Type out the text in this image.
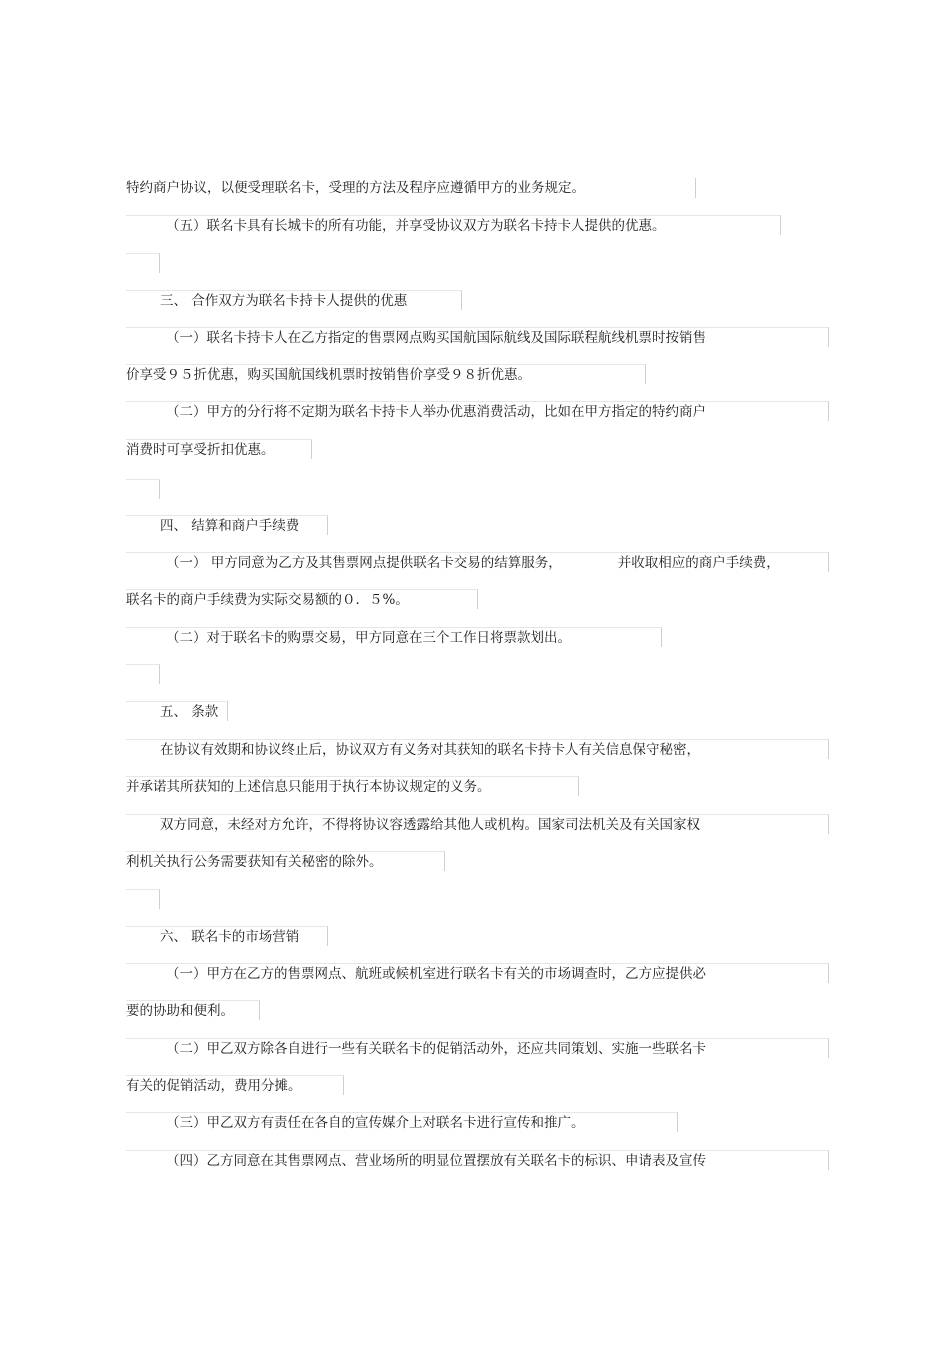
特约商户协议，以便受理联名卡，受理的方法及程序应遵循甲方的业务规定。
（五）联名卡具有长城卡的所有功能，并享受协议双方为联名卡持卡人提供的优惠。
三、 合作双方为联名卡持卡人提供的优惠
（一）联名卡持卡人在乙方指定的售票网点购买国航国际航线及国际联程航线机票时按销售
价享受９５折优惠，购买国航国线机票时按销售价享受９８折优惠。
（二）甲方的分行将不定期为联名卡持卡人举办优惠消费活动，比如在甲方指定的特约商户
消费时可享受折扣优惠。
四、 结算和商户手续费
（一） 甲方同意为乙方及其售票网点提供联名卡交易的结算服务，	并收取相应的商户手续费，
联名卡的商户手续费为实际交易额的０．５%。
（二）对于联名卡的购票交易，甲方同意在三个工作日将票款划出。
五、 条款
在协议有效期和协议终止后，协议双方有义务对其获知的联名卡持卡人有关信息保守秘密，
并承诺其所获知的上述信息只能用于执行本协议规定的义务。
双方同意，未经对方允许，不得将协议容透露给其他人或机构。国家司法机关及有关国家权
利机关执行公务需要获知有关秘密的除外。
六、 联名卡的市场营销
（一）甲方在乙方的售票网点、航班或候机室进行联名卡有关的市场调查时，乙方应提供必
要的协助和便利。
（二）甲乙双方除各自进行一些有关联名卡的促销活动外，还应共同策划、实施一些联名卡
有关的促销活动，费用分摊。
（三）甲乙双方有责任在各自的宣传媒介上对联名卡进行宣传和推广。
（四）乙方同意在其售票网点、营业场所的明显位置摆放有关联名卡的标识、申请表及宣传
